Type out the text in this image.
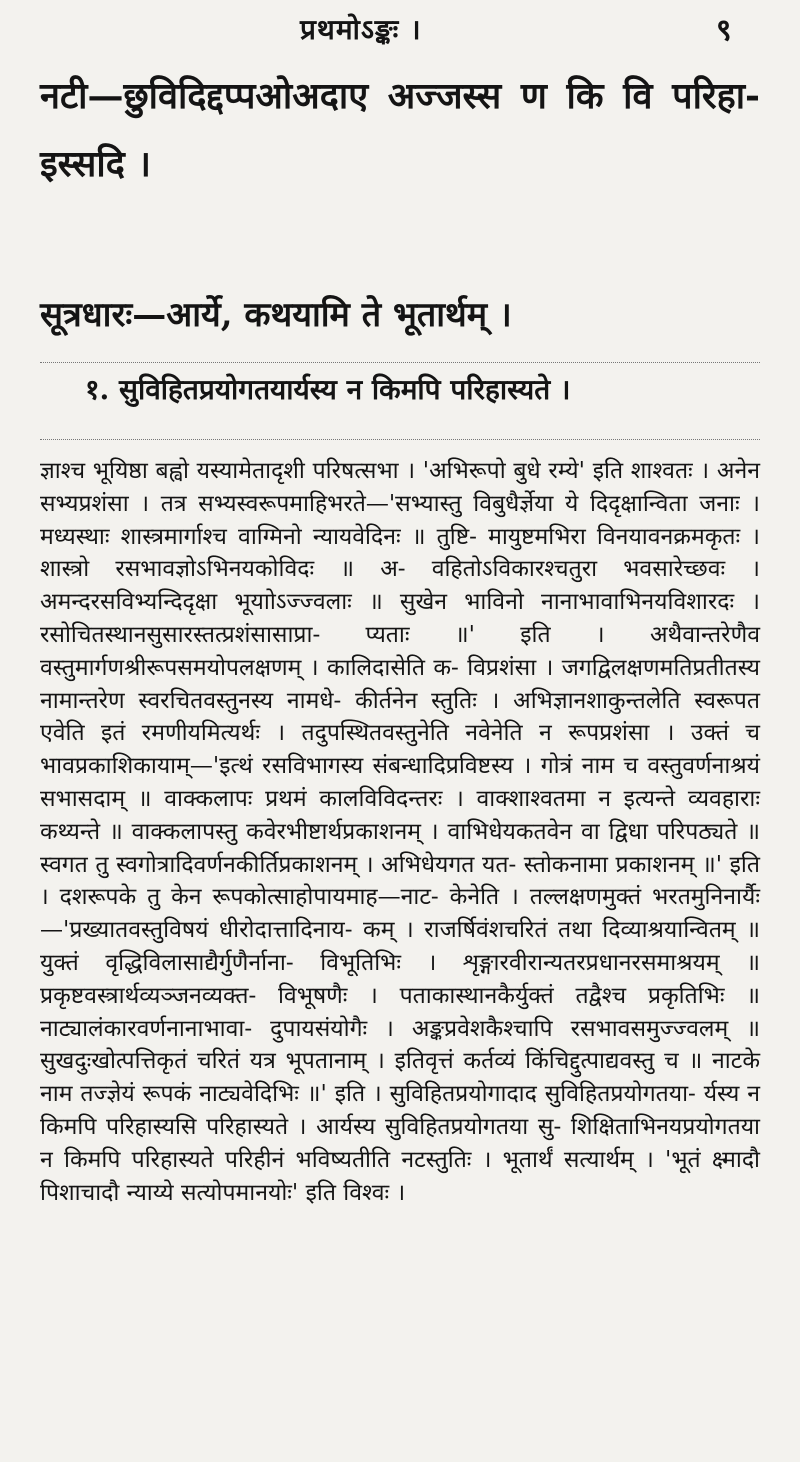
प्रथमोऽङ्कः ।	९
नटी—छुविदिद्दप्पओअदाए अज्जस्स ण कि वि परिहा- इस्सदि ।
सूत्रधारः—आर्ये, कथयामि ते भूतार्थम् ।
१. सुविहितप्रयोगतयार्यस्य न किमपि परिहास्यते ।

ज्ञाश्च भूयिष्ठा बह्वो यस्यामेतादृशी परिषत्सभा । 'अभिरूपो बुधे रम्ये' इति शाश्वतः । अनेन सभ्यप्रशंसा । तत्र सभ्यस्वरूपमाहिभरते—'सभ्यास्तु विबुधैर्ज्ञेया ये दिदृक्षान्विता जनाः । मध्यस्थाः शास्त्रमार्गाश्च वाग्मिनो न्यायवेदिनः ॥ तुष्टि- मायुष्टमभिरा विनयावनक्रमकृतः । शास्त्रो रसभावज्ञोऽभिनयकोविदः ॥ अ- वहितोऽविकारश्चतुरा भवसारेच्छवः । अमन्दरसविभ्यन्दिदृक्षा भूयाोऽज्ज्वलाः ॥ सुखेन भाविनो नानाभावाभिनयविशारदः । रसोचितस्थानसुसारस्तत्प्रशंसासाप्रा- प्यताः ॥' इति । अथैवान्तरेणैव वस्तुमार्गणश्रीरूपसमयोपलक्षणम् । कालिदासेति क- विप्रशंसा । जगद्विलक्षणमतिप्रतीतस्य नामान्तरेण स्वरचितवस्तुनस्य नामधे- कीर्तनेन स्तुतिः । अभिज्ञानशाकुन्तलेति स्वरूपत एवेति इतं रमणीयमित्यर्थः । तदुपस्थितवस्तुनेति नवेनेति न रूपप्रशंसा । उक्तं च भावप्रकाशिकायाम्—'इत्थं रसविभागस्य संबन्धादिप्रविष्टस्य । गोत्रं नाम च वस्तुवर्णनाश्रयं सभासदाम् ॥ वाक्कलापः प्रथमं कालविविदन्तरः । वाक्शाश्वतमा न इत्यन्ते व्यवहाराः कथ्यन्ते ॥ वाक्कलापस्तु कवेरभीष्टार्थप्रकाशनम् । वाभिधेयकतवेन वा द्विधा परिपठ्यते ॥ स्वगत तु स्वगोत्रादिवर्णनकीर्तिप्रकाशनम् । अभिधेयगत यत- स्तोकनामा प्रकाशनम् ॥' इति । दशरूपके तु केन रूपकोत्साहोपायमाह—नाट- केनेति । तल्लक्षणमुक्तं भरतमुनिनार्यैः—'प्रख्यातवस्तुविषयं धीरोदात्तादिनाय- कम् । राजर्षिवंशचरितं तथा दिव्याश्रयान्वितम् ॥ युक्तं वृद्धिविलासाद्यैर्गुणैर्नाना- विभूतिभिः । शृङ्गारवीरान्यतरप्रधानरसमाश्रयम् ॥ प्रकृष्टवस्त्रार्थव्यञ्जनव्यक्त- विभूषणैः । पताकास्थानकैर्युक्तं तद्वैश्च प्रकृतिभिः ॥ नाट्यालंकारवर्णनानाभावा- दुपायसंयोगैः । अङ्कप्रवेशकैश्चापि रसभावसमुज्ज्वलम् ॥ सुखदुःखोत्पत्तिकृतं चरितं यत्र भूपतानाम् । इतिवृत्तं कर्तव्यं किंचिद्दुत्पाद्यवस्तु च ॥ नाटके नाम तज्ज्ञेयं रूपकं नाट्यवेदिभिः ॥' इति । सुविहितप्रयोगादाद सुविहितप्रयोगतया- र्यस्य न किमपि परिहास्यसि परिहास्यते । आर्यस्य सुविहितप्रयोगतया सु- शिक्षिताभिनयप्रयोगतया न किमपि परिहास्यते परिहीनं भविष्यतीति नटस्तुतिः । भूतार्थं सत्यार्थम् । 'भूतं क्ष्मादौ पिशाचादौ न्याय्ये सत्योपमानयोः' इति विश्वः ।
